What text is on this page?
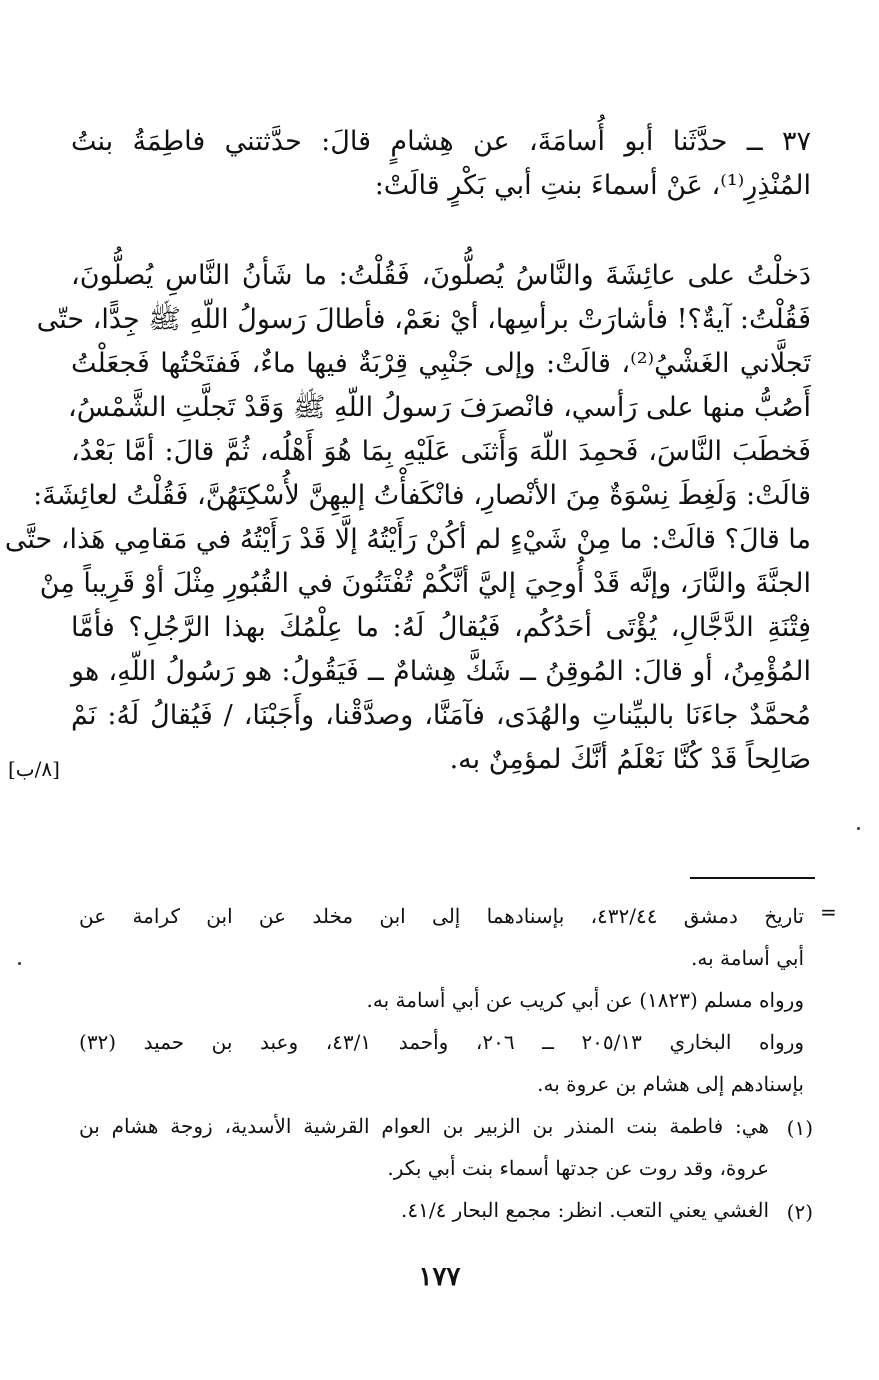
٣٧ ــ حدَّثَنا أبو أُسامَةَ، عن هِشامٍ قالَ: حدَّثتني فاطِمَةُ بنتُ
المُنْذِرِ⁽¹⁾، عَنْ أسماءَ بنتِ أبي بَكْرٍ قالَتْ:
دَخلْتُ على عائِشَةَ والنَّاسُ يُصلُّونَ، فَقُلْتُ: ما شَأنُ النَّاسِ يُصلُّونَ،
فَقُلْتُ: آيةٌ؟! فأشارَتْ برأسِها، أيْ نعَمْ، فأطالَ رَسولُ اللّهِ ﷺ جِدًّا، حتّى
تَجلَّاني الغَشْيُ⁽²⁾، قالَتْ: وإلى جَنْبِي قِرْبَةٌ فيها ماءٌ، فَفتَحْتُها فَجعَلْتُ
أَصُبُّ منها على رَأسي، فانْصرَفَ رَسولُ اللّهِ ﷺ وَقَدْ تَجلَّتِ الشَّمْسُ،
فَخطَبَ النَّاسَ، فَحمِدَ اللّهَ وَأَثنَى عَلَيْهِ بِمَا هُوَ أَهْلُه، ثُمَّ قالَ: أمَّا بَعْدُ،
قالَتْ: وَلَغِطَ نِسْوَةٌ مِنَ الأنْصارِ، فانْكَفأْتُ إليهِنَّ لأُسْكِتَهُنَّ، فَقُلْتُ لعائِشَةَ:
ما قالَ؟ قالَتْ: ما مِنْ شَيْءٍ لم أكُنْ رَأَيْتُهُ إلَّا قَدْ رَأَيْتُهُ في مَقامِي هَذا، حتَّى
الجنَّةَ والنَّارَ، وإنَّه قَدْ أُوحِيَ إليَّ أنَّكُمْ تُفْتَنُونَ في القُبُورِ مِثْلَ أوْ قَرِيباً مِنْ
فِتْنَةِ الدَّجَّالِ، يُؤْتَى أحَدُكُم، فَيُقالُ لَهُ: ما عِلْمُكَ بهذا الرَّجُلِ؟ فأمَّا
المُؤْمِنُ، أو قالَ: المُوقِنُ ــ شَكَّ هِشامٌ ــ فَيَقُولُ: هو رَسُولُ اللّهِ، هو
مُحمَّدٌ جاءَنَا بالبيِّناتِ والهُدَى، فآمَنَّا، وصدَّقْنا، وأَجَبْنَا، / فَيُقالُ لَهُ: نَمْ
[٨/ب]	صَالِحاً قَدْ كُنَّا نَعْلَمُ أنَّكَ لمؤمِنٌ به.
=
تاريخ دمشق ٤٣٢/٤٤، بإسنادهما إلى ابن مخلد عن ابن كرامة عن
أبي أسامة به.
ورواه مسلم (١٨٢٣) عن أبي كريب عن أبي أسامة به.
ورواه البخاري ٢٠٥/١٣ ــ ٢٠٦، وأحمد ٤٣/١، وعبد بن حميد (٣٢)
بإسنادهم إلى هشام بن عروة به.
(١)
هي: فاطمة بنت المنذر بن الزبير بن العوام القرشية الأسدية، زوجة هشام بن
عروة، وقد روت عن جدتها أسماء بنت أبي بكر.
(٢)
الغشي يعني التعب. انظر: مجمع البحار ٤١/٤.
١٧٧
